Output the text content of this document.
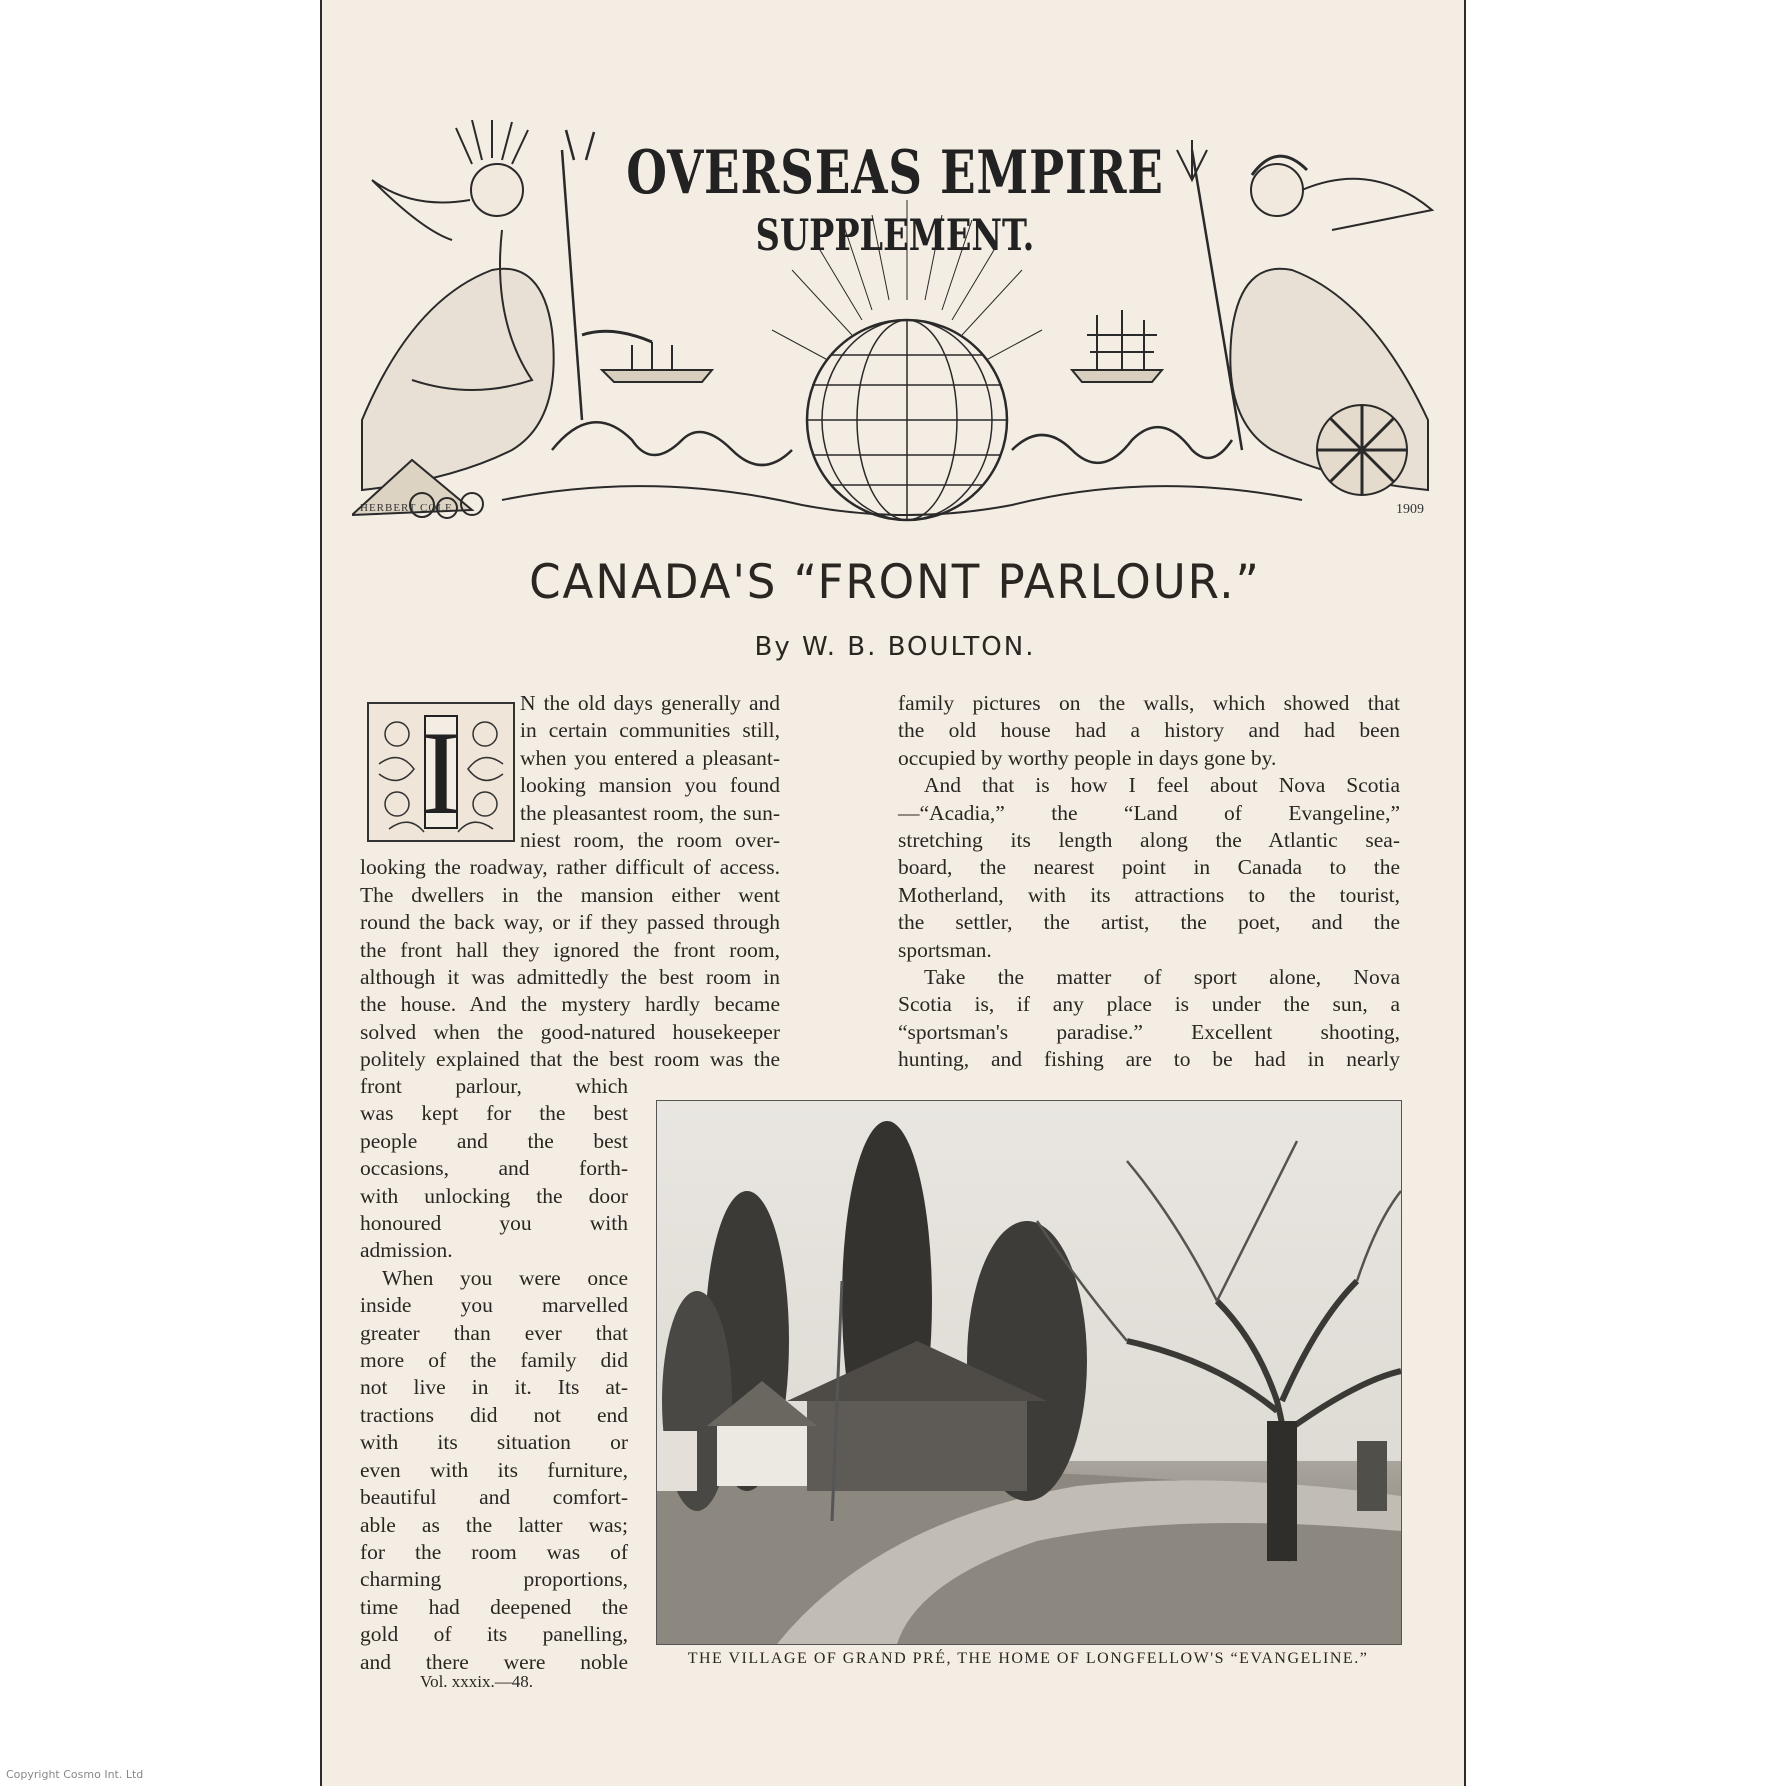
OVERSEAS EMPIRE
SUPPLEMENT.
HERBERT COLE	1909
CANADA'S “FRONT PARLOUR.”
By W. B. BOULTON.
I
N the old days generally and
in certain communities still,
when you entered a pleasant-
looking mansion you found
the pleasantest room, the sun-
niest room, the room over-
looking the roadway, rather difficult of access.
The dwellers in the mansion either went
round the back way, or if they passed through
the front hall they ignored the front room,
although it was admittedly the best room in
the house. And the mystery hardly became
solved when the good-natured housekeeper
politely explained that the best room was the
front parlour, which
was kept for the best
people and the best
occasions, and forth-
with unlocking the door
honoured you with
admission.
When you were once
inside you marvelled
greater than ever that
more of the family did
not live in it. Its at-
tractions did not end
with its situation or
even with its furniture,
beautiful and comfort-
able as the latter was;
for the room was of
charming proportions,
time had deepened the
gold of its panelling,
and there were noble
family pictures on the walls, which showed that
the old house had a history and had been
occupied by worthy people in days gone by.
And that is how I feel about Nova Scotia
—“Acadia,” the “Land of Evangeline,”
stretching its length along the Atlantic sea-
board, the nearest point in Canada to the
Motherland, with its attractions to the tourist,
the settler, the artist, the poet, and the
sportsman.
Take the matter of sport alone, Nova
Scotia is, if any place is under the sun, a
“sportsman's paradise.” Excellent shooting,
hunting, and fishing are to be had in nearly
THE VILLAGE OF GRAND PRÉ, THE HOME OF LONGFELLOW'S “EVANGELINE.”
Vol. xxxix.—48.
Copyright Cosmo Int. Ltd
